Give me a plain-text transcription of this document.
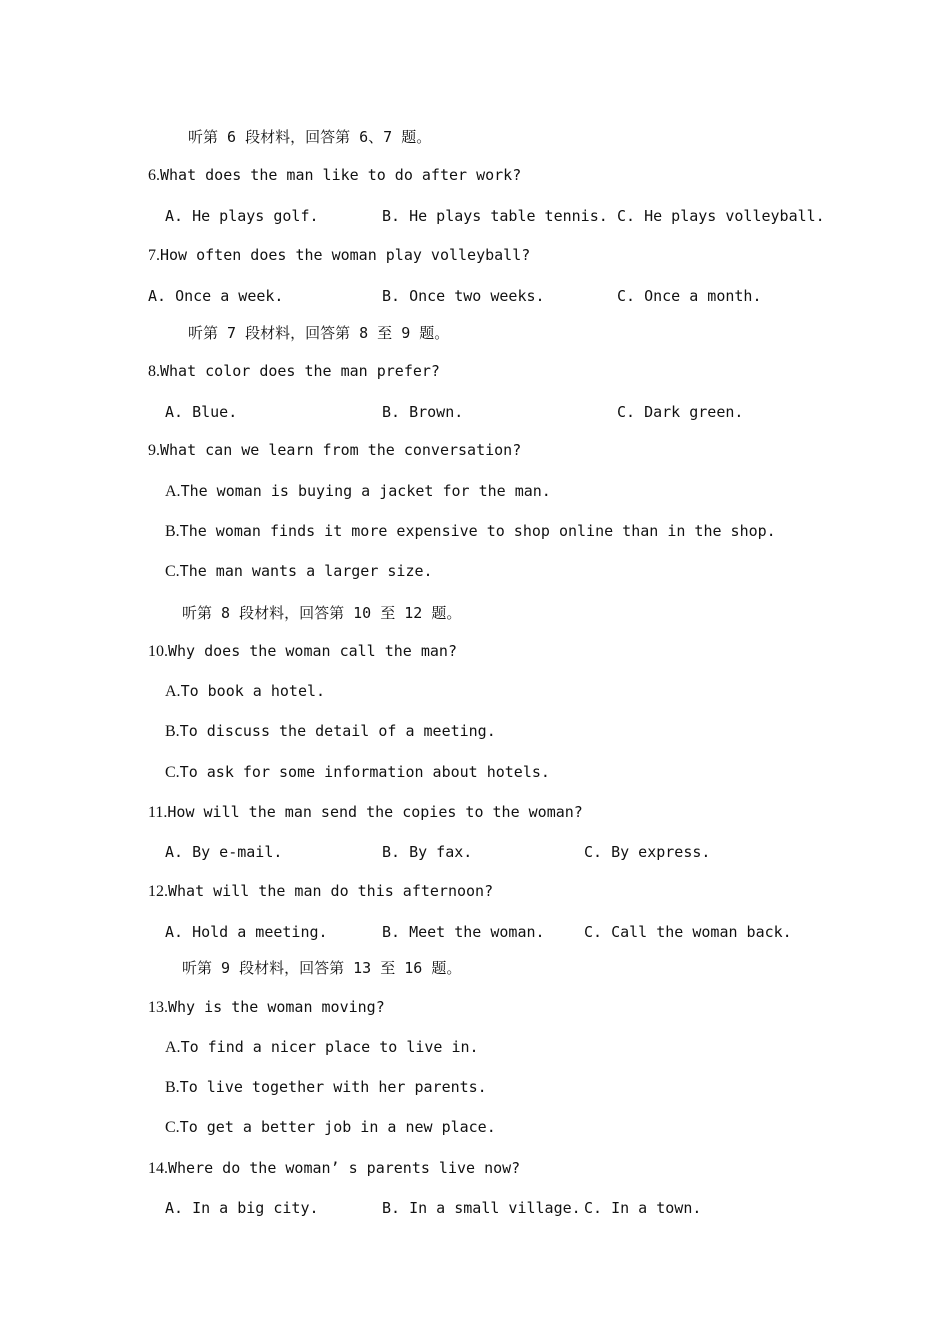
听第 6 段材料，回答第 6、7 题。
6.What does the man like to do after work?
A. He plays golf.	B. He plays table tennis. C. He plays volleyball.
7.How often does the woman play volleyball?
A. Once a week.	B. Once two weeks.	C. Once a month.
听第 7 段材料，回答第 8 至 9 题。
8.What color does the man prefer?
A. Blue.	B. Brown.	C. Dark green.
9.What can we learn from the conversation?
A.The woman is buying a jacket for the man.
B.The woman finds it more expensive to shop online than in the shop.
C.The man wants a larger size.
听第 8 段材料，回答第 10 至 12 题。
10.Why does the woman call the man?
A.To book a hotel.
B.To discuss the detail of a meeting.
C.To ask for some information about hotels.
11.How will the man send the copies to the woman?
A. By e-mail.	B. By fax.	C. By express.
12.What will the man do this afternoon?
A. Hold a meeting.	B. Meet the woman.	C. Call the woman back.
听第 9 段材料，回答第 13 至 16 题。
13.Why is the woman moving?
A.To find a nicer place to live in.
B.To live together with her parents.
C.To get a better job in a new place.
14.Where do the woman’ s parents live now?
A. In a big city.	B. In a small village. C. In a town.
